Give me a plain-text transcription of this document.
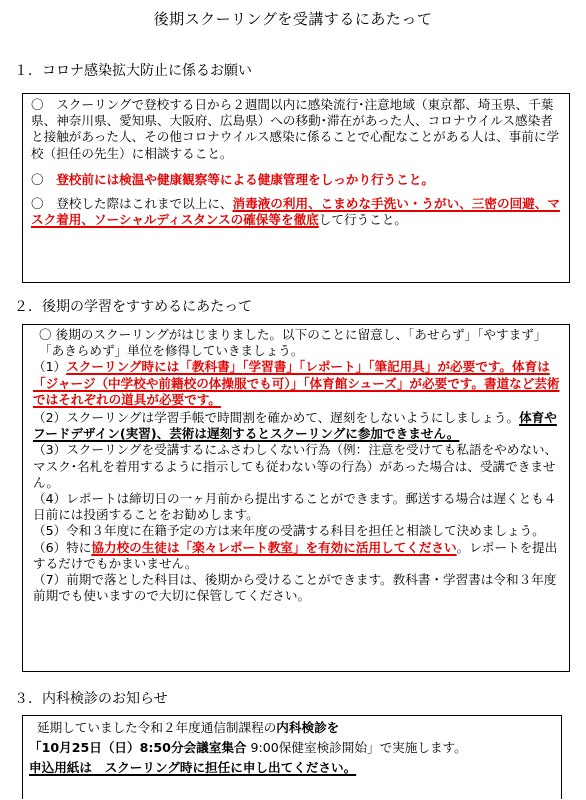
後期スクーリングを受講するにあたって
１．コロナ感染拡大防止に係るお願い

〇　スクーリングで登校する日から２週間以内に感染流行･注意地域（東京都、埼玉県、千葉県、神奈川県、愛知県、大阪府、広島県）への移動･滞在があった人、コロナウイルス感染者と接触があった人、その他コロナウイルス感染に係ることで心配なことがある人は、事前に学校（担任の先生）に相談すること。

〇　登校前には検温や健康観察等による健康管理をしっかり行うこと。

〇　登校した際はこれまで以上に、消毒液の利用、こまめな手洗い・うがい、三密の回避、マスク着用、ソーシャルディスタンスの確保等を徹底して行うこと。

２．後期の学習をすすめるにあたって

〇 後期のスクーリングがはじまりました。以下のことに留意し、「あせらず」「やすまず」「あきらめず」単位を修得していきましょう。

（1）スクーリング時には「教科書」「学習書」「レポート」「筆記用具」が必要です。体育は「ジャージ（中学校や前籍校の体操服でも可）」「体育館シューズ」が必要です。書道など芸術ではそれぞれの道具が必要です。

（2）スクーリングは学習手帳で時間割を確かめて、遅刻をしないようにしましょう。体育やフードデザイン(実習)、芸術は遅刻するとスクーリングに参加できません。

（3）スクーリングを受講するにふさわしくない行為（例：注意を受けても私語をやめない、マスク･名札を着用するように指示しても従わない等の行為）があった場合は、受講できません。

（4）レポートは締切日の一ヶ月前から提出することができます。郵送する場合は遅くとも４日前には投函することをお勧めします。

（5）令和３年度に在籍予定の方は来年度の受講する科目を担任と相談して決めましょう。

（6）特に協力校の生徒は「楽々レポート教室」を有効に活用してください。レポートを提出するだけでもかまいません。

（7）前期で落とした科目は、後期から受けることができます。教科書・学習書は令和３年度前期でも使いますので大切に保管してください。

３．内科検診のお知らせ
延期していました令和２年度通信制課程の内科検診を
「10月25日（日）8:50分会議室集合 9:00保健室検診開始」で実施します。
申込用紙は　スクーリング時に担任に申し出てください。
